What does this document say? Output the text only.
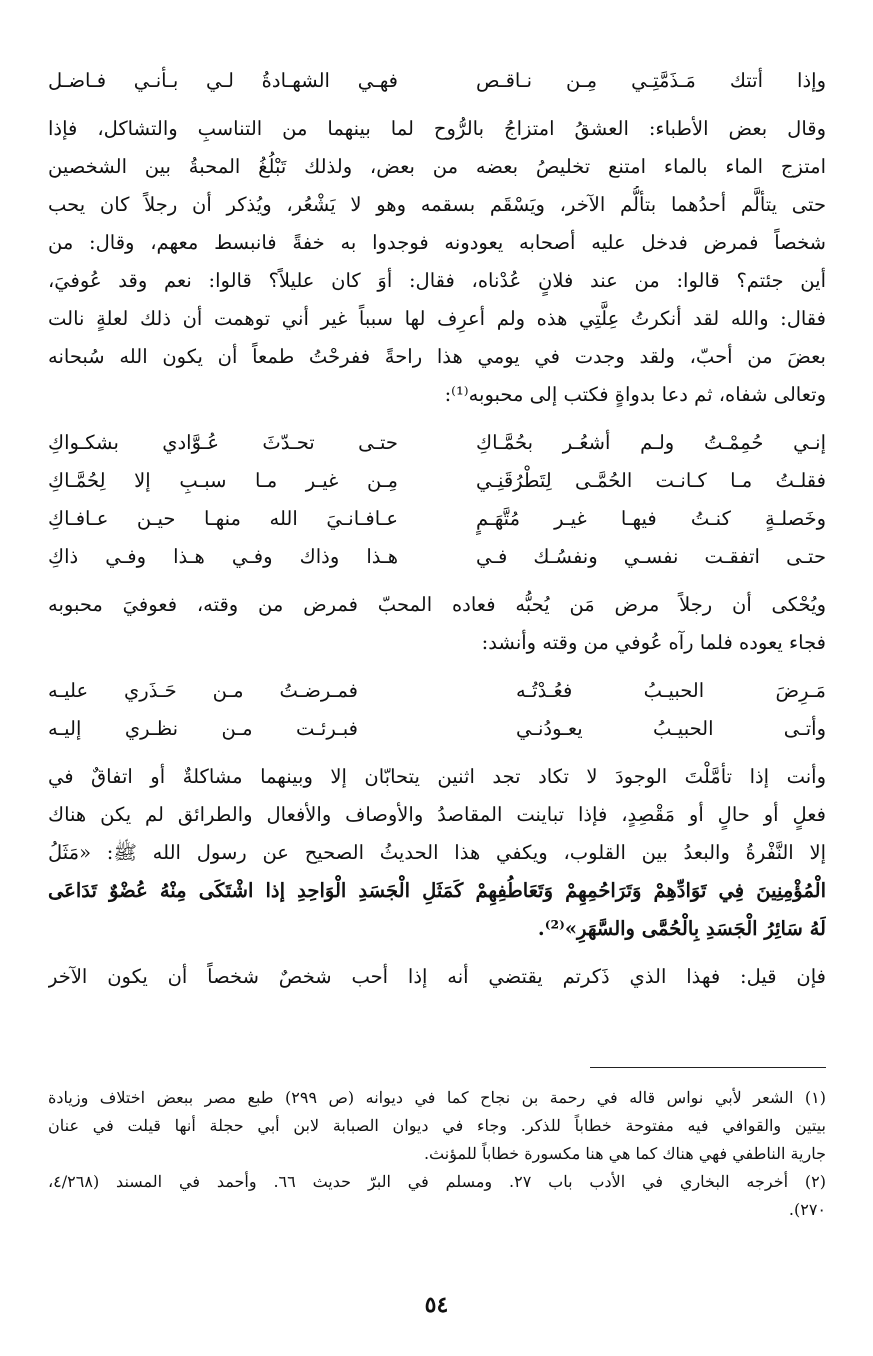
وإذا أتتك مَـذَمَّتِـي مِـن نـاقـص
فهـي الشهـادةُ لـي بـأنـي فـاضـل
وقال بعض الأطباء: العشقُ امتزاجُ بالرُّوح لما بينهما من التناسبِ والتشاكل، فإذا
امتزج الماء بالماء امتنع تخليصُ بعضه من بعض، ولذلك تَبْلُغُ المحبةُ بين الشخصين
حتى يتألَّم أحدُهما بتألُّم الآخر، ويَسْقَم بسقمه وهو لا يَشْعُر، ويُذكر أن رجلاً كان يحب
شخصاً فمرض فدخل عليه أصحابه يعودونه فوجدوا به خفةً فانبسط معهم، وقال: من
أين جئتم؟ قالوا: من عند فلانٍ عُدْناه، فقال: أوَ كان عليلاً؟ قالوا: نعم وقد عُوفيَ،
فقال: والله لقد أنكرتُ عِلَّتِي هذه ولم أعرِف لها سبباً غير أني توهمت أن ذلك لعلةٍ نالت
بعضَ من أحبّ، ولقد وجدت في يومي هذا راحةً ففرحْتُ طمعاً أن يكون الله سُبحانه
وتعالى شفاه، ثم دعا بدواةٍ فكتب إلى محبوبه⁽¹⁾:
إنـي حُمِمْـتُ ولـم أشعُـر بحُمَّـاكِ
حتـى تحـدّثَ عُـوَّادي بشكـواكِ
فقلـتُ مـا كـانـت الحُمَّـى لِتَطْرُقَنِـي
مِـن غيـر مـا سبـبِ إلا لِحُمَّـاكِ
وخَصلـةٍ كنـتُ فيهـا غيـر مُتَّهَـمٍ
عـافـانـيَ الله منهـا حيـن عـافـاكِ
حتـى اتفقـت نفسـي ونفسُـك فـي
هـذا وذاك وفـي هـذا وفـي ذاكِ
ويُحْكى أن رجلاً مرض مَن يُحبُّه فعاده المحبّ فمرض من وقته، فعوفيَ محبوبه
فجاء يعوده فلما رآه عُوفي من وقته وأنشد:
مَـرِضَ الحبيـبُ فعُـدْتُـه
فمـرضـتُ مـن حَـذَري عليـه
وأتـى الحبيـبُ يعـودُنـي
فبـرئـت مـن نظـري إليـه
وأنت إذا تأمَّلْتَ الوجودَ لا تكاد تجد اثنين يتحابّان إلا وبينهما مشاكلةٌ أو اتفاقٌ في
فعلٍ أو حالٍ أو مَقْصِدٍ، فإذا تباينت المقاصدُ والأوصاف والأفعال والطرائق لم يكن هناك
إلا النَّفْرةُ والبعدُ بين القلوب، ويكفي هذا الحديثُ الصحيح عن رسول الله ﷺ: «مَثَلُ
الْمُؤْمِنِينَ فِي تَوَادِّهِمْ وَتَرَاحُمِهِمْ وَتَعَاطُفِهِمْ كَمَثَلِ الْجَسَدِ الْوَاحِدِ إذا اشْتَكَى مِنْهُ عُضْوٌ تَدَاعَى
لَهُ سَائِرُ الْجَسَدِ بِالْحُمَّى والسَّهَرِ»⁽²⁾.
فإن قيل: فهذا الذي ذَكرتم يقتضي أنه إذا أحب شخصٌ شخصاً أن يكون الآخر
(١) الشعر لأبي نواس قاله في رحمة بن نجاح كما في ديوانه (ص ٢٩٩) طبع مصر ببعض اختلاف وزيادة
بيتين والقوافي فيه مفتوحة خطاباً للذكر. وجاء في ديوان الصبابة لابن أبي حجلة أنها قيلت في عنان
جارية الناطفي فهي هناك كما هي هنا مكسورة خطاباً للمؤنث.
(٢) أخرجه البخاري في الأدب باب ٢٧. ومسلم في البرّ حديث ٦٦. وأحمد في المسند (٤/٢٦٨،
٢٧٠).
٥٤
